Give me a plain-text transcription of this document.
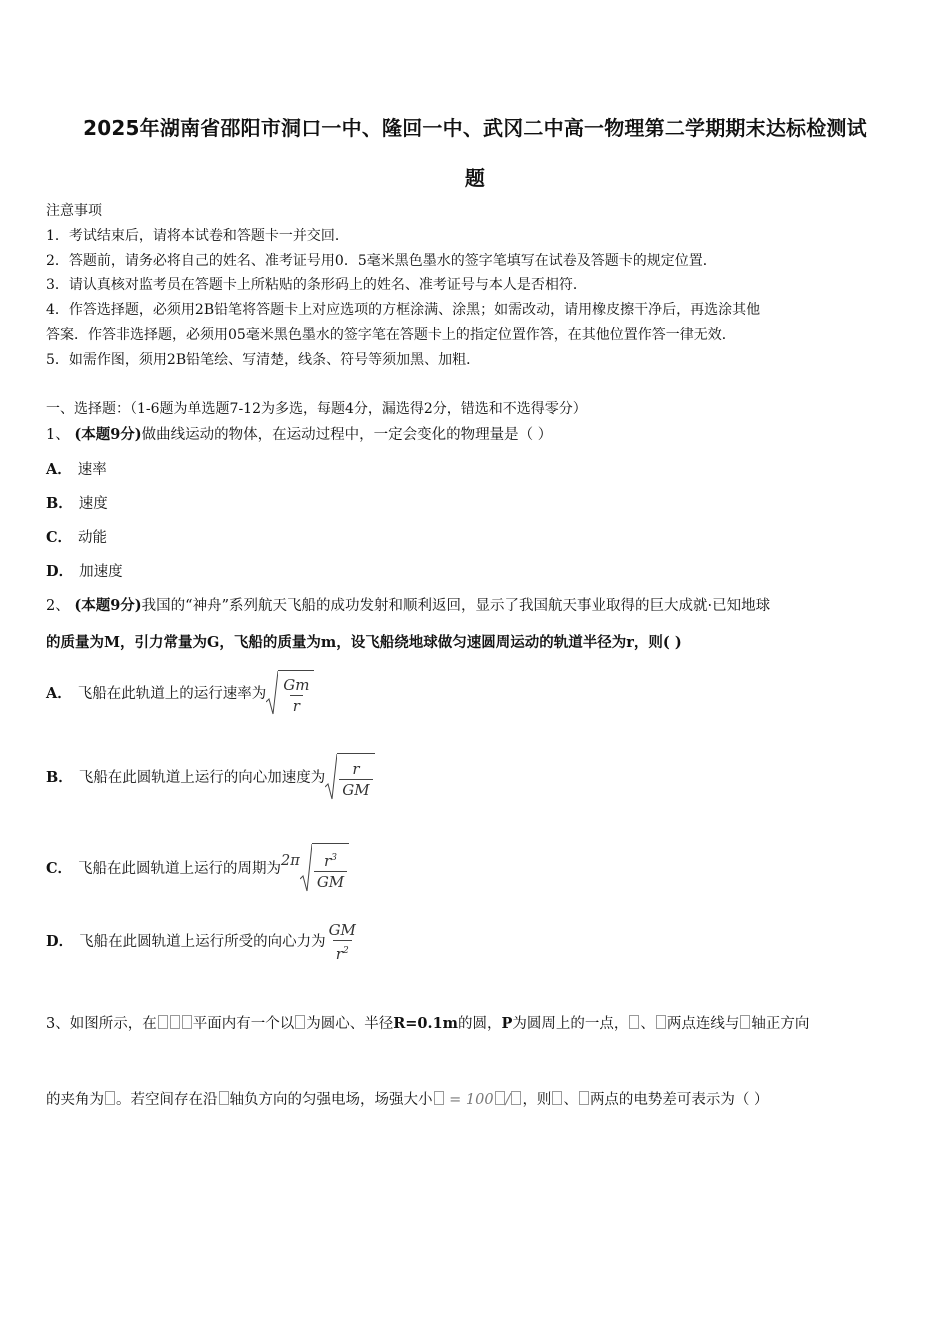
2025年湖南省邵阳市洞口一中、隆回一中、武冈二中高一物理第二学期期末达标检测试
题
注意事项
1．考试结束后，请将本试卷和答题卡一并交回．
2．答题前，请务必将自己的姓名、准考证号用0．5毫米黑色墨水的签字笔填写在试卷及答题卡的规定位置．
3．请认真核对监考员在答题卡上所粘贴的条形码上的姓名、准考证号与本人是否相符．
4．作答选择题，必须用2B铅笔将答题卡上对应选项的方框涂满、涂黑；如需改动，请用橡皮擦干净后，再选涂其他
答案．作答非选择题，必须用05毫米黑色墨水的签字笔在答题卡上的指定位置作答，在其他位置作答一律无效．
5．如需作图，须用2B铅笔绘、写清楚，线条、符号等须加黑、加粗．
一、选择题：（1-6题为单选题7-12为多选，每题4分，漏选得2分，错选和不选得零分）
1、 (本题9分)做曲线运动的物体，在运动过程中，一定会变化的物理量是（ ）
A． 速率
B． 速度
C． 动能
D． 加速度
2、 (本题9分)我国的“神舟”系列航天飞船的成功发射和顺利返回，显示了我国航天事业取得的巨大成就·已知地球
的质量为M，引力常量为G，飞船的质量为m，设飞船绕地球做匀速圆周运动的轨道半径为r，则( )
A． 飞船在此轨道上的运行速率为 $\frac{Gm}{r}$
B． 飞船在此圆轨道上运行的向心加速度为 $\frac{r}{GM}$
C． 飞船在此圆轨道上运行的周期为$2\pi \frac{r^3}{GM}$
D． 飞船在此圆轨道上运行所受的向心力为 $\frac{GM}{r^2}$
3、如图所示，在 平面内有一个以 为圆心、半径R=0.1m的圆，P为圆周上的一点， 、 两点连线与 轴正方向
的夹角为 。若空间存在沿 轴负方向的匀强电场，场强大小 = 100 / ，则 、 两点的电势差可表示为（ ）
